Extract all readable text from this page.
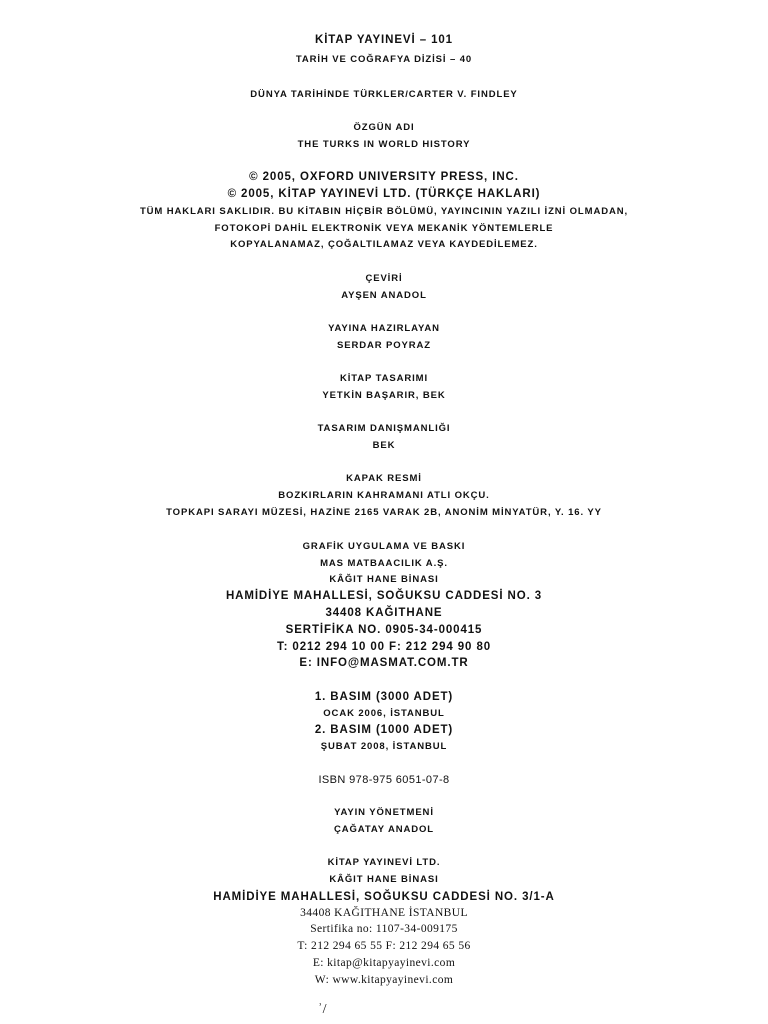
KİTAP YAYINEVİ – 101
TARİH VE COĞRAFYA DİZİSİ – 40
DÜNYA TARİHİNDE TÜRKLER/CARTER V. FINDLEY
ÖZGÜN ADI
THE TURKS IN WORLD HISTORY
© 2005, OXFORD UNIVERSITY PRESS, INC.
© 2005, KİTAP YAYINEVİ LTD. (TÜRKÇE HAKLARI)
TÜM HAKLARI SAKLIDIR. BU KİTABIN HİÇBİR BÖLÜMÜ, YAYINCININ YAZILI İZNİ OLMADAN,
FOTOKOPİ DAHİL ELEKTRONİK VEYA MEKANİK YÖNTEMLERLE
KOPYALANAMAZ, ÇOĞALTILAMAZ VEYA KAYDEDİLEMEZ.
ÇEVİRİ
AYŞEN ANADOL
YAYINA HAZIRLAYAN
SERDAR POYRAZ
KİTAP TASARIMI
YETKİN BAŞARIR, BEK
TASARIM DANIŞMANLIĞI
BEK
KAPAK RESMİ
BOZKIRLARIN KAHRAMANI ATLI OKÇU.
TOPKAPI SARAYI MÜZESİ, HAZİNE 2165 VARAK 2B, ANONİM MİNYATÜR, Y. 16. YY
GRAFİK UYGULAMA VE BASKI
MAS MATBAACILIK A.Ş.
KÂĞIT HANE BİNASI
HAMİDİYE MAHALLESİ, SOĞUKSU CADDESİ NO. 3
34408 KAĞITHANE
SERTİFİKA NO. 0905-34-000415
T: 0212 294 10 00 F: 212 294 90 80
E: INFO@MASMAT.COM.TR
1. BASIM (3000 ADET)
OCAK 2006, İSTANBUL
2. BASIM (1000 ADET)
ŞUBAT 2008, İSTANBUL
ISBN 978-975 6051-07-8
YAYIN YÖNETMENİ
ÇAĞATAY ANADOL
KİTAP YAYINEVİ LTD.
KÂĞIT HANE BİNASI
HAMİDİYE MAHALLESİ, SOĞUKSU CADDESİ NO. 3/1-A
34408 KAĞITHANE İSTANBUL
Sertifika no: 1107-34-009175
T: 212 294 65 55 F: 212 294 65 56
E: kitap@kitapyayinevi.com
W: www.kitapyayinevi.com
ʾ/
